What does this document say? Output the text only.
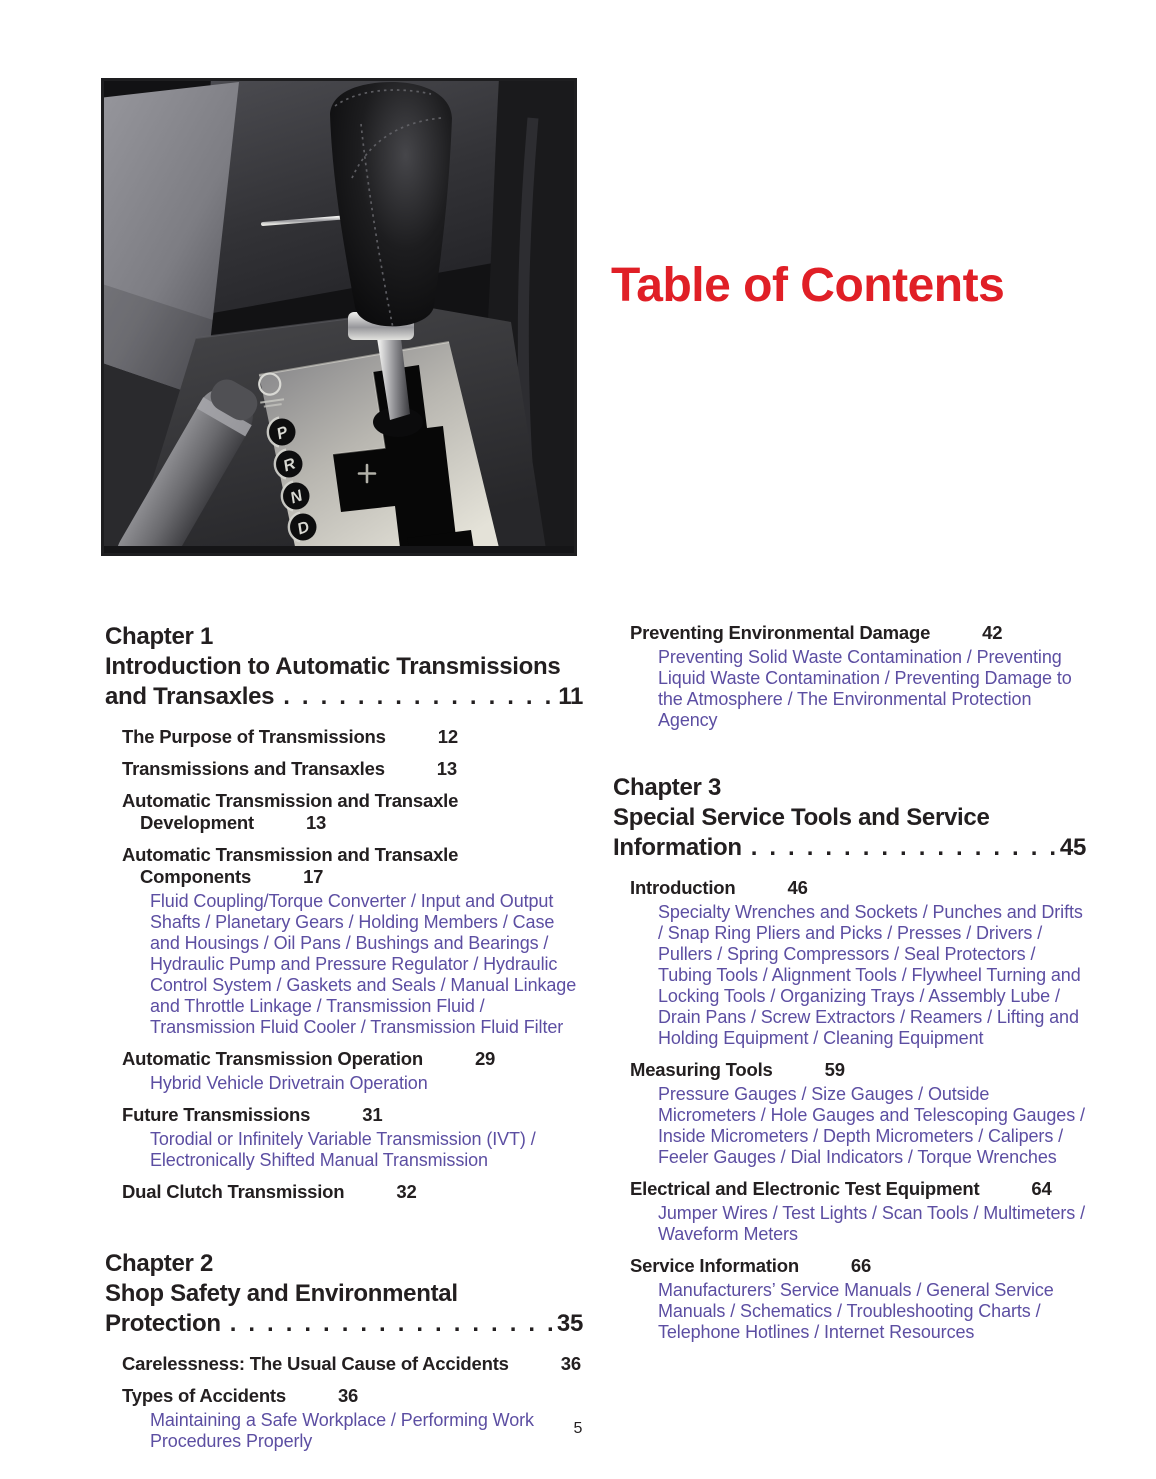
P
R
N
D
Table of Contents
Chapter 1
Introduction to Automatic Transmissions
and Transaxles .....	11
The Purpose of Transmissions	12
Transmissions and Transaxles	13
Automatic Transmission and Transaxle
Development	13
Automatic Transmission and Transaxle
Components	17
Fluid Coupling/Torque Converter / Input and Output Shafts / Planetary Gears / Holding Members / Case and Housings / Oil Pans / Bushings and Bearings / Hydraulic Pump and Pressure Regulator / Hydraulic Control System / Gaskets and Seals / Manual Linkage and Throttle Linkage / Transmission Fluid / Transmission Fluid Cooler / Transmission Fluid Filter
Automatic Transmission Operation	29
Hybrid Vehicle Drivetrain Operation
Future Transmissions	31
Torodial or Infinitely Variable Transmission (IVT) / Electronically Shifted Manual Transmission
Dual Clutch Transmission	32
Chapter 2
Shop Safety and Environmental
Protection .....	35
Carelessness: The Usual Cause of Accidents	36
Types of Accidents	36
Maintaining a Safe Workplace / Performing Work Procedures Properly
Preventing Environmental Damage	42
Preventing Solid Waste Contamination / Preventing Liquid Waste Contamination / Preventing Damage to the Atmosphere / The Environmental Protection Agency
Chapter 3
Special Service Tools and Service
Information .....	45
Introduction	46
Specialty Wrenches and Sockets / Punches and Drifts / Snap Ring Pliers and Picks / Presses / Drivers / Pullers / Spring Compressors / Seal Protectors / Tubing Tools / Alignment Tools / Flywheel Turning and Locking Tools / Organizing Trays / Assembly Lube / Drain Pans / Screw Extractors / Reamers / Lifting and Holding Equipment / Cleaning Equipment
Measuring Tools	59
Pressure Gauges / Size Gauges / Outside Micrometers / Hole Gauges and Telescoping Gauges / Inside Micrometers / Depth Micrometers / Calipers / Feeler Gauges / Dial Indicators / Torque Wrenches
Electrical and Electronic Test Equipment	64
Jumper Wires / Test Lights / Scan Tools / Multimeters / Waveform Meters
Service Information	66
Manufacturers’ Service Manuals / General Service Manuals / Schematics / Troubleshooting Charts / Telephone Hotlines / Internet Resources
5
